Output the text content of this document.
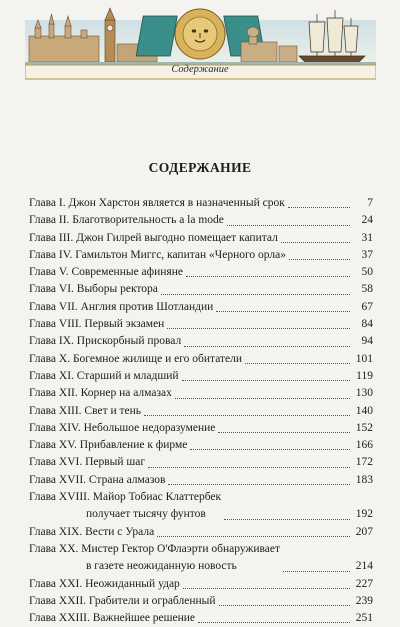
Содержание

СОДЕРЖАНИЕ
Глава I. Джон Харстон является в назначенный срок	7
Глава II. Благотворительность a la mode	24
Глава III. Джон Гилрей выгодно помещает капитал	31
Глава IV. Гамильтон Миггс, капитан «Черного орла»	37
Глава V. Современные афиняне	50
Глава VI. Выборы ректора	58
Глава VII. Англия против Шотландии	67
Глава VIII. Первый экзамен	84
Глава IX. Прискорбный провал	94
Глава X. Богемное жилище и его обитатели	101
Глава XI. Старший и младший	119
Глава XII. Корнер на алмазах	130
Глава XIII. Свет и тень	140
Глава XIV. Небольшое недоразумение	152
Глава XV. Прибавление к фирме	166
Глава XVI. Первый шаг	172
Глава XVII. Страна алмазов	183
Глава XVIII. Майор Тобиас Клаттербек
получает тысячу фунтов	192
Глава XIX. Вести с Урала	207
Глава XX. Мистер Гектор О'Флаэрти обнаруживает
в газете неожиданную новость	214
Глава XXI. Неожиданный удар	227
Глава XXII. Грабители и ограбленный	239
Глава XXIII. Важнейшее решение	251
